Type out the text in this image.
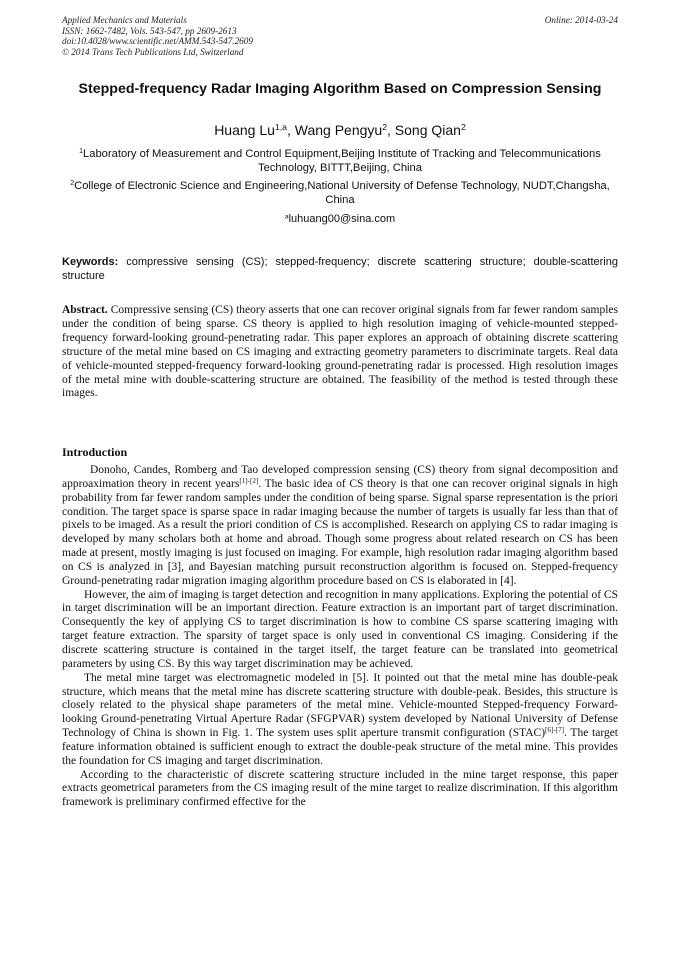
Applied Mechanics and Materials
ISSN: 1662-7482, Vols. 543-547, pp 2609-2613
doi:10.4028/www.scientific.net/AMM.543-547.2609
© 2014 Trans Tech Publications Ltd, Switzerland
Online: 2014-03-24
Stepped-frequency Radar Imaging Algorithm Based on Compression Sensing
Huang Lu$^{1,a}$, Wang Pengyu$^2$, Song Qian$^2$
$^1$Laboratory of Measurement and Control Equipment,Beijing Institute of Tracking and Telecommunications Technology, BITTT,Beijing, China
$^2$College of Electronic Science and Engineering,National University of Defense Technology, NUDT,Changsha, China
$^a$luhuang00@sina.com
Keywords: compressive sensing (CS); stepped-frequency; discrete scattering structure; double-scattering structure
Abstract. Compressive sensing (CS) theory asserts that one can recover original signals from far fewer random samples under the condition of being sparse. CS theory is applied to high resolution imaging of vehicle-mounted stepped-frequency forward-looking ground-penetrating radar. This paper explores an approach of obtaining discrete scattering structure of the metal mine based on CS imaging and extracting geometry parameters to discriminate targets. Real data of vehicle-mounted stepped-frequency forward-looking ground-penetrating radar is processed. High resolution images of the metal mine with double-scattering structure are obtained. The feasibility of the method is tested through these images.
Introduction

Donoho, Candes, Romberg and Tao developed compression sensing (CS) theory from signal decomposition and approaximation theory in recent years[1]-[2]. The basic idea of CS theory is that one can recover original signals in high probability from far fewer random samples under the condition of being sparse. Signal sparse representation is the priori condition. The target space is sparse space in radar imaging because the number of targets is usually far less than that of pixels to be imaged. As a result the priori condition of CS is accomplished. Research on applying CS to radar imaging is developed by many scholars both at home and abroad. Though some progress about related research on CS has been made at present, mostly imaging is just focused on imaging. For example, high resolution radar imaging algorithm based on CS is analyzed in [3], and Bayesian matching pursuit reconstruction algorithm is focused on. Stepped-frequency Ground-penetrating radar migration imaging algorithm procedure based on CS is elaborated in [4].

However, the aim of imaging is target detection and recognition in many applications. Exploring the potential of CS in target discrimination will be an important direction. Feature extraction is an important part of target discrimination. Consequently the key of applying CS to target discrimination is how to combine CS sparse scattering imaging with target feature extraction. The sparsity of target space is only used in conventional CS imaging. Considering if the discrete scattering structure is contained in the target itself, the target feature can be translated into geometrical parameters by using CS. By this way target discrimination may be achieved.

The metal mine target was electromagnetic modeled in [5]. It pointed out that the metal mine has double-peak structure, which means that the metal mine has discrete scattering structure with double-peak. Besides, this structure is closely related to the physical shape parameters of the metal mine. Vehicle-mounted Stepped-frequency Forward-looking Ground-penetrating Virtual Aperture Radar (SFGPVAR) system developed by National University of Defense Technology of China is shown in Fig. 1. The system uses split aperture transmit configuration (STAC)[6]-[7]. The target feature information obtained is sufficient enough to extract the double-peak structure of the metal mine. This provides the foundation for CS imaging and target discrimination.

According to the characteristic of discrete scattering structure included in the mine target response, this paper extracts geometrical parameters from the CS imaging result of the mine target to realize discrimination. If this algorithm framework is preliminary confirmed effective for the
